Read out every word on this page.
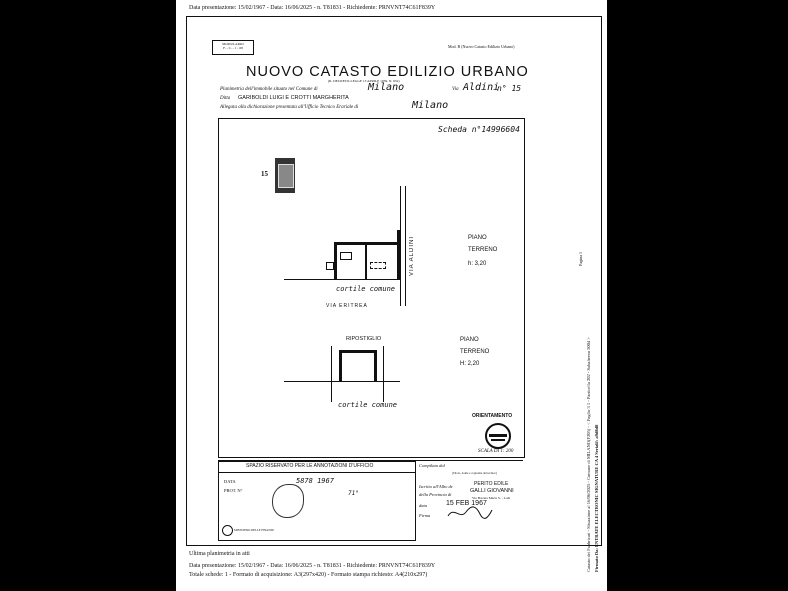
Data presentazione: 15/02/1967 - Data: 16/06/2025 - n. T81831 - Richiedente: PRNVNT74C61F839Y
MODULARIO
F. - C. - 1 - 68	Mod. B (Nuovo Catasto Edilizio Urbano)
NUOVO CATASTO EDILIZIO URBANO
(R. DECRETO-LEGGE 13 APRILE 1939, N. 652)
Planimetria dell'immobile situato nel Comune di	Milano	Via Aldini
n° 15
Ditta GARIBOLDI LUIGI E CROTTI MARGHERITA
Allegata alla dichiarazione presentata all'Ufficio Tecnico Erariale di	Milano
Scheda n°14996604
15
VIA ALDINI
cortile comune
VIA ERITREA
PIANO
TERRENO
h: 3,20
RIPOSTIGLIO
cortile comune
PIANO
TERRENO
H: 2,20
ORIENTAMENTO
SCALA DI 1: 200
SPAZIO RISERVATO PER LE ANNOTAZIONI D'UFFICIO
DATA
PROT. N°
5878 1967
71°
MINISTERO DELLE FINANZE
Compilata dal
(Titolo, nome e cognome del tecnico)
Iscritto all'Albo de	PERITO EDILE
della Provincia di
GALLI GIOVANNI
Via Barona Maria S. - Lodi
data	15 FEB 1967
Firma
Ultima planimetria in atti
Data presentazione: 15/02/1967 - Data: 16/06/2025 - n. T81831 - Richiedente: PRNVNT74C61F839Y
Totale schede: 1 - Formato di acquisizione: A3(297x420) - Formato stampa richiesto: A4(210x297)
Catasto dei Fabbricati - Situazione al 16/06/2025 - Comune di MILANO(F205) - < Foglio 3 1 - Particella 202 - Subalterno 5004 > Firmato Da: ENTRATE ELECTRONIC SIGNATURE CA 4 Serial#: a9d8d8
Pagina 1
